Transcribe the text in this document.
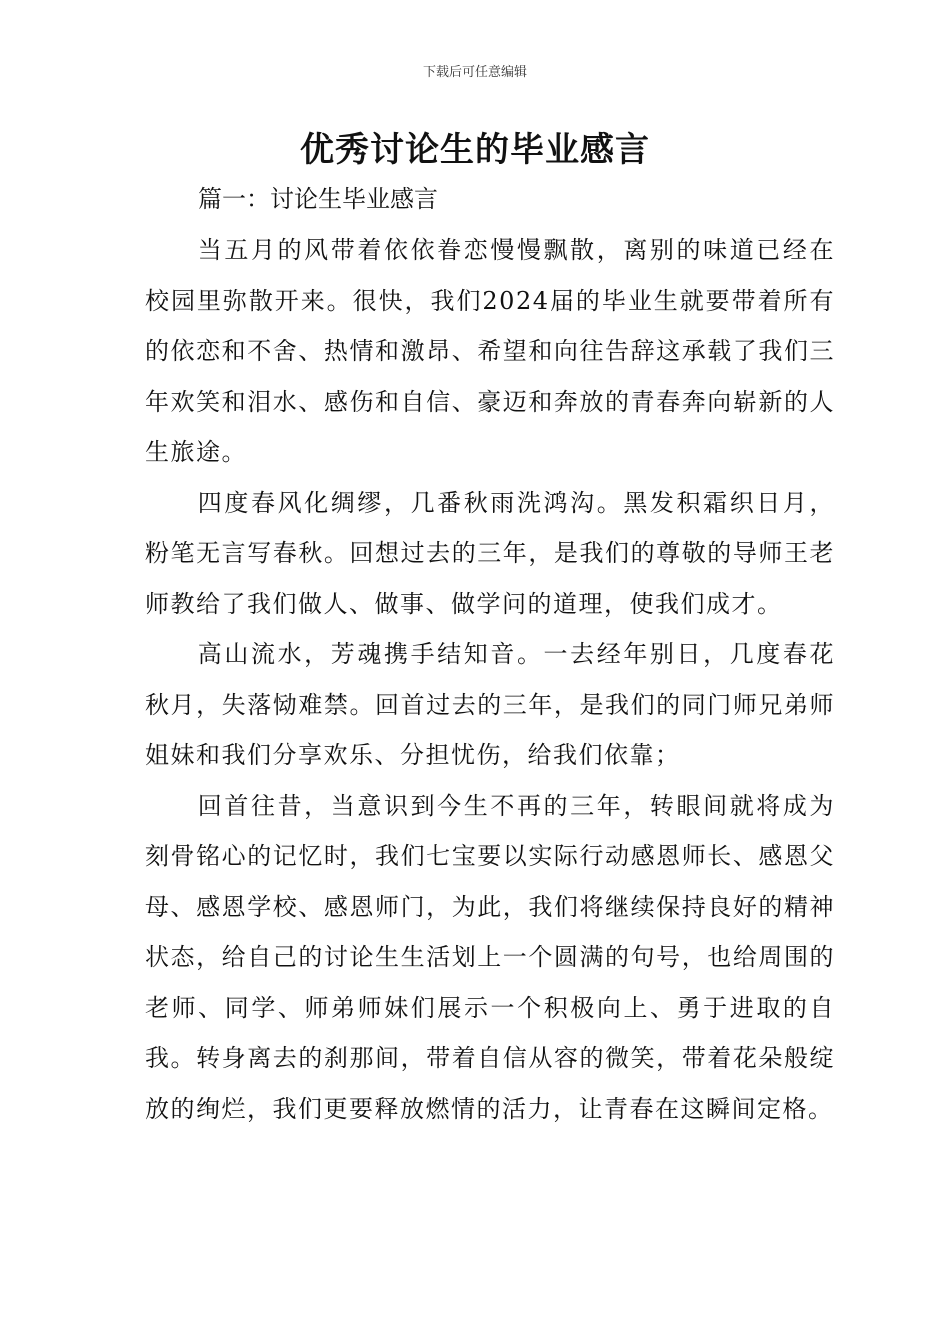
下载后可任意编辑
优秀讨论生的毕业感言
篇一：讨论生毕业感言

当五月的风带着依依眷恋慢慢飘散，离别的味道已经在校园里弥散开来。很快，我们2024届的毕业生就要带着所有的依恋和不舍、热情和激昂、希望和向往告辞这承载了我们三年欢笑和泪水、感伤和自信、豪迈和奔放的青春奔向崭新的人生旅途。

四度春风化绸缪，几番秋雨洗鸿沟。黑发积霜织日月，粉笔无言写春秋。回想过去的三年，是我们的尊敬的导师王老师教给了我们做人、做事、做学问的道理，使我们成才。

高山流水，芳魂携手结知音。一去经年别日，几度春花秋月，失落恸难禁。回首过去的三年，是我们的同门师兄弟师姐妹和我们分享欢乐、分担忧伤，给我们依靠；

回首往昔，当意识到今生不再的三年，转眼间就将成为刻骨铭心的记忆时，我们七宝要以实际行动感恩师长、感恩父母、感恩学校、感恩师门，为此，我们将继续保持良好的精神状态，给自己的讨论生生活划上一个圆满的句号，也给周围的老师、同学、师弟师妹们展示一个积极向上、勇于进取的自我。转身离去的刹那间，带着自信从容的微笑，带着花朵般绽放的绚烂，我们更要释放燃情的活力，让青春在这瞬间定格。
